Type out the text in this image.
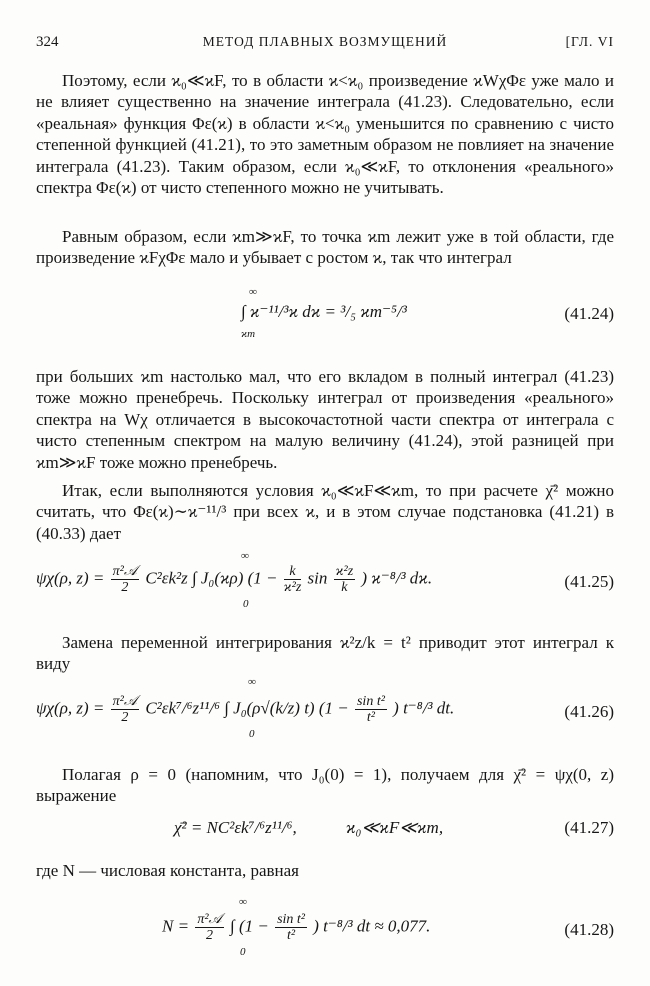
324	МЕТОД ПЛАВНЫХ ВОЗМУЩЕНИЙ	[ГЛ. VI
Поэтому, если ϰ₀≪ϰF, то в области ϰ<ϰ₀ произведение ϰWχΦε уже мало и не влияет существенно на значение интеграла (41.23). Следовательно, если «реальная» функция Φε(ϰ) в области ϰ<ϰ₀ уменьшится по сравнению с чисто степенной функцией (41.21), то это заметным образом не повлияет на значение интеграла (41.23). Таким образом, если ϰ₀≪ϰF, то отклонения «реального» спектра Φε(ϰ) от чисто степенного можно не учитывать.
Равным образом, если ϰm≫ϰF, то точка ϰm лежит уже в той области, где произведение ϰFχΦε мало и убывает с ростом ϰ, так что интеграл
∞
∫ ϰ⁻¹¹/³ϰ dϰ = ³/₅ ϰm⁻⁵/³
ϰm
(41.24)
при больших ϰm настолько мал, что его вкладом в полный интеграл (41.23) тоже можно пренебречь. Поскольку интеграл от произведения «реального» спектра на Wχ отличается в высокочастотной части спектра от интеграла с чисто степенным спектром на малую величину (41.24), этой разницей при ϰm≫ϰF тоже можно пренебречь.
Итак, если выполняются условия ϰ₀≪ϰF≪ϰm, то при расчете χ̄² можно считать, что Φε(ϰ)∼ϰ⁻¹¹/³ при всех ϰ, и в этом случае подстановка (41.21) в (40.33) дает
∞
0
ψχ(ρ, $z) = \frac{\text{π²𝒜}}{2} C^2\varepsilon k^2z$ ∫ J₀(ϰρ) ($1 - \frac{k}{\text{ϰ²z}}$ $\sin \frac{\text{ϰ²z}}{k}$ ) ϰ⁻⁸/³ dϰ.	(41.25)
Замена переменной интегрирования ϰ²z/k = t² приводит этот интеграл к виду
∞
0
ψχ(ρ, $z) = \frac{\text{π²𝒜}}{2} C^2\varepsilon k^7/^6z^{11}/^6$ ∫ J₀(ρ√(k/z) t) ($1 - \frac{\text{sin t²}}{\text{t²}}$ ) t⁻⁸/³ dt.	(41.26)
Полагая ρ = 0 (напомним, что J₀(0) = 1), получаем для χ̄² = ψχ(0, z) выражение
χ̄² = NC²εk⁷/⁶z¹¹/⁶,	ϰ₀≪ϰF≪ϰm,	(41.27)
где N — числовая константа, равная
∞
0
$N = \frac{\text{π²𝒜}}{2}$ ∫ ($1 - \frac{\text{sin t²}}{\text{t²}}$ ) t⁻⁸/³ dt ≈ 0,077.	(41.28)
